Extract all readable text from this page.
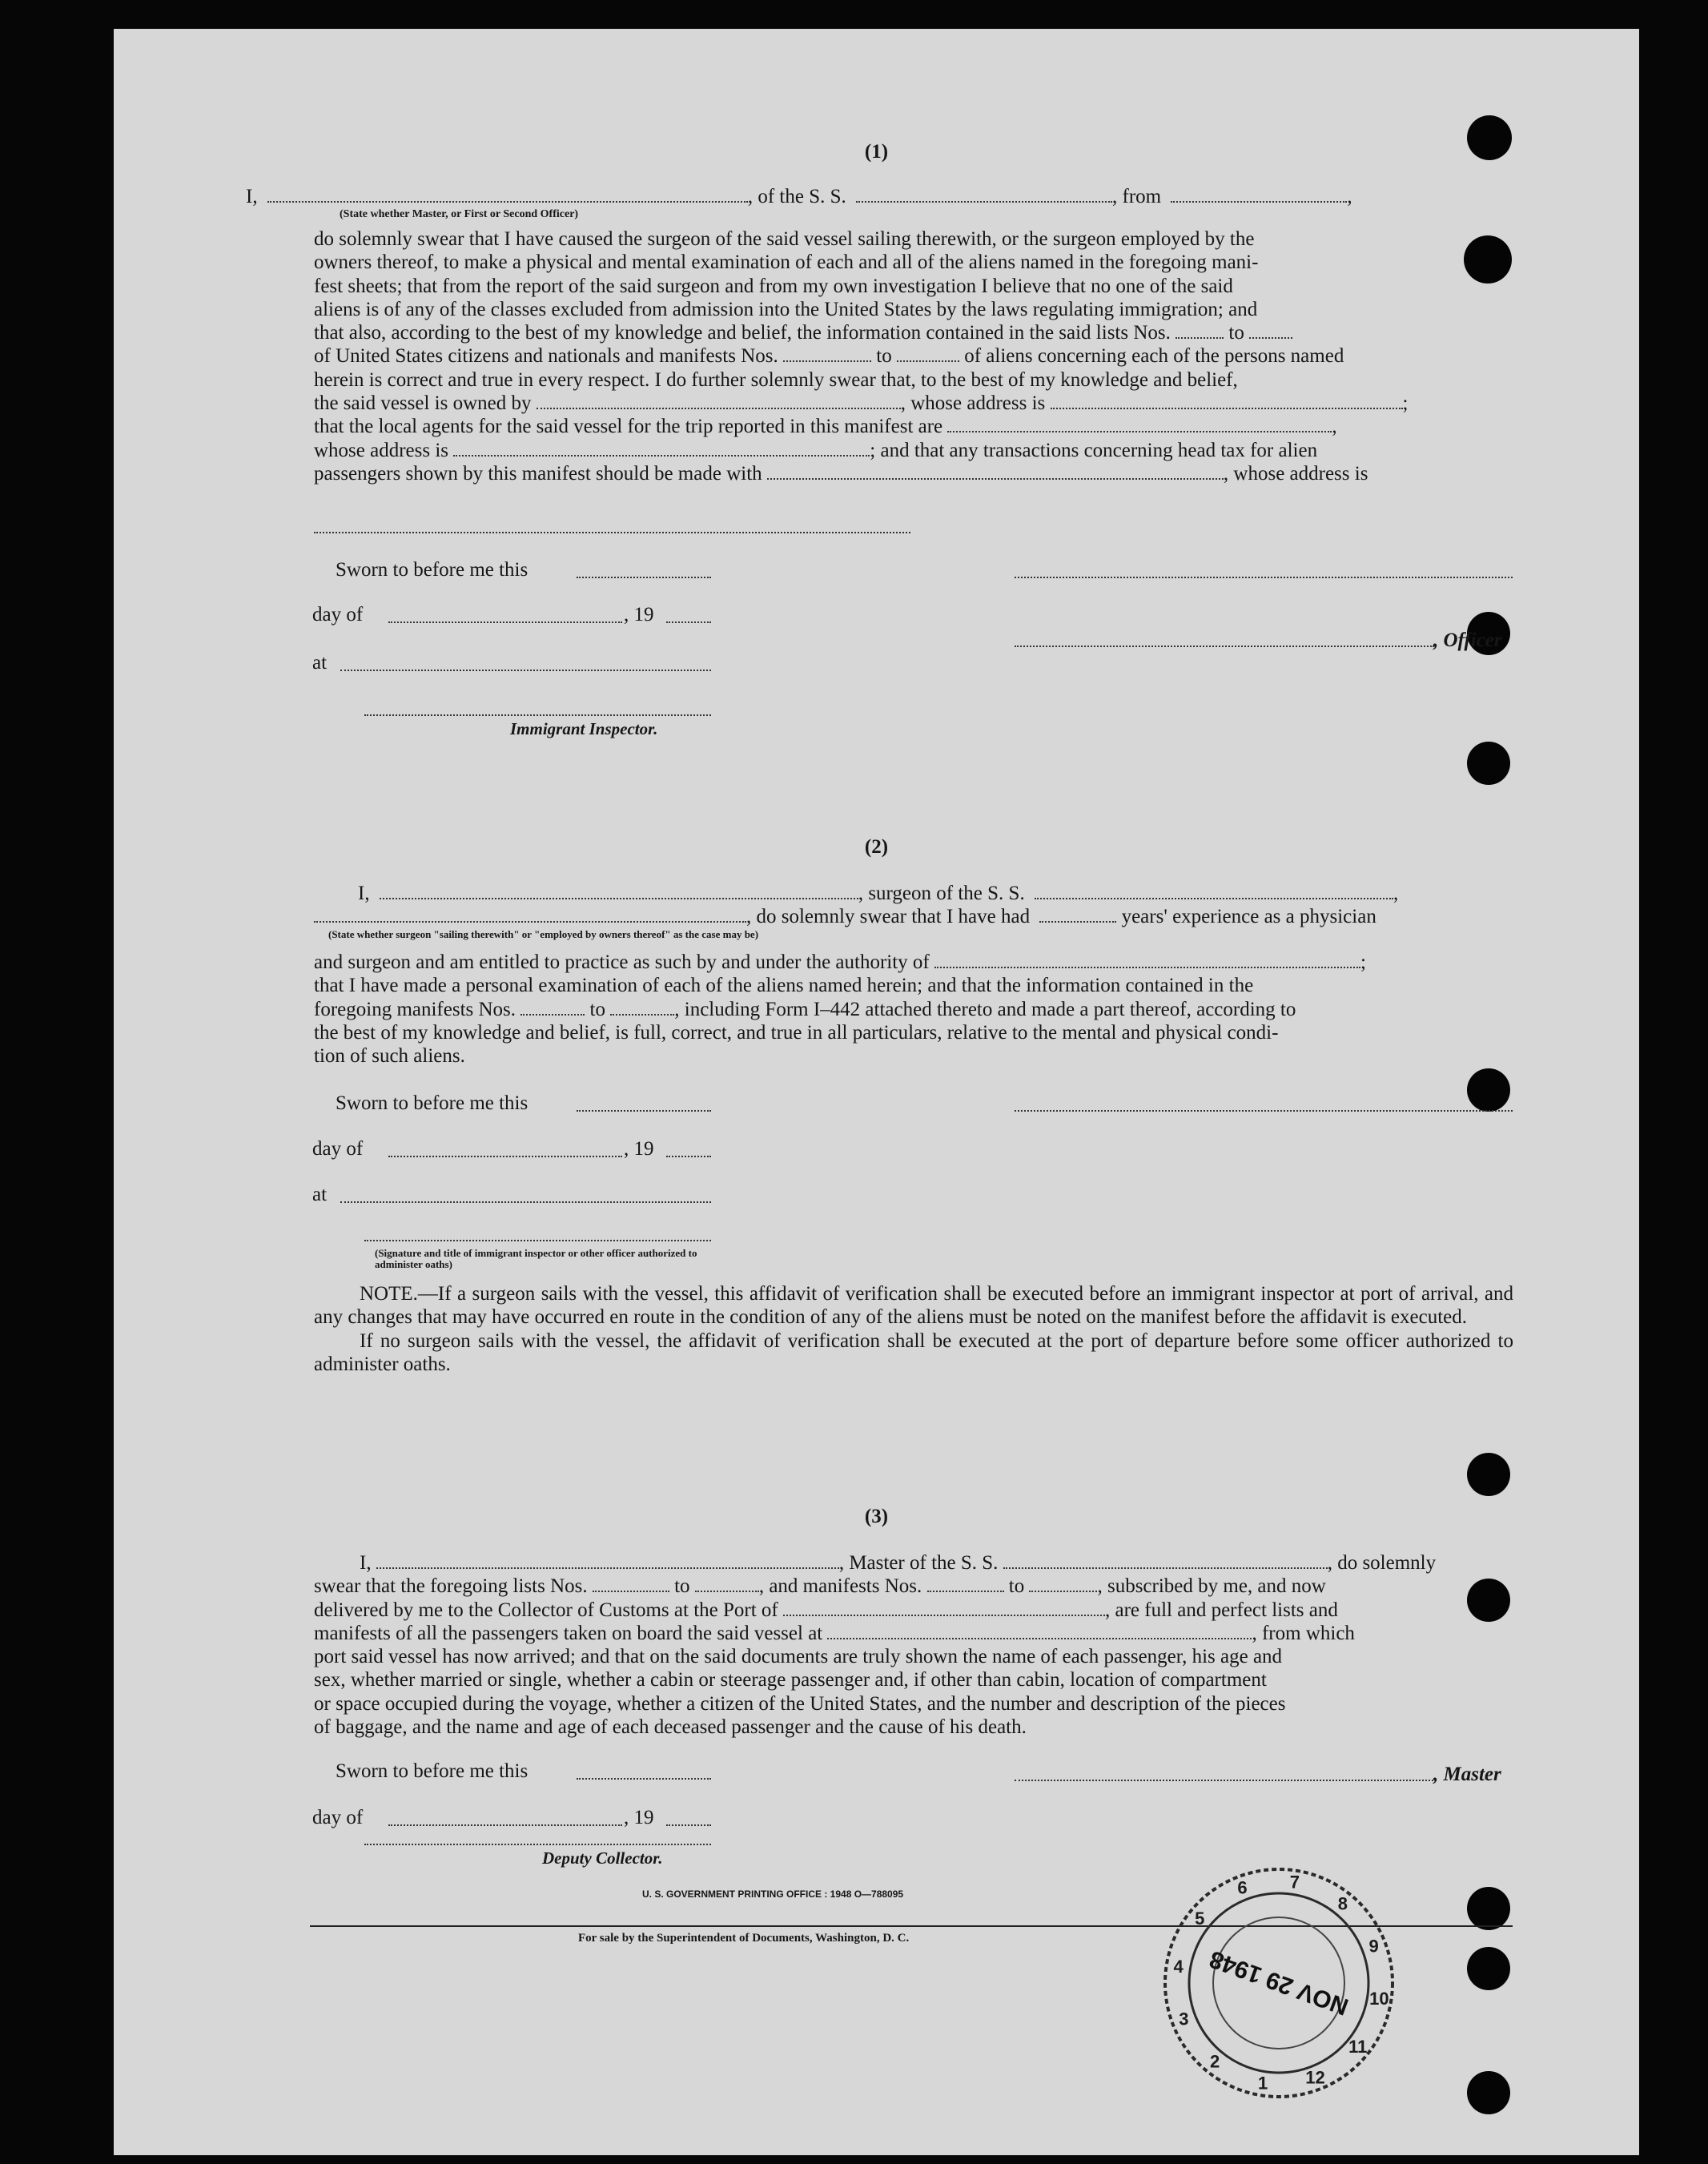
(1)
I,	, of the S. S.	, from	,
(State whether Master, or First or Second Officer)
do solemnly swear that I have caused the surgeon of the said vessel sailing therewith, or the surgeon employed by the
owners thereof, to make a physical and mental examination of each and all of the aliens named in the foregoing mani-
fest sheets; that from the report of the said surgeon and from my own investigation I believe that no one of the said
aliens is of any of the classes excluded from admission into the United States by the laws regulating immigration; and
that also, according to the best of my knowledge and belief, the information contained in the said lists Nos.	to
of United States citizens and nationals and manifests Nos.	to	of aliens concerning each of the persons named
herein is correct and true in every respect. I do further solemnly swear that, to the best of my knowledge and belief,
the said vessel is owned by	, whose address is	;
that the local agents for the said vessel for the trip reported in this manifest are	,
whose address is	; and that any transactions concerning head tax for alien
passengers shown by this manifest should be made with	, whose address is
Sworn to before me this
day of	, 19
, Officer
at
Immigrant Inspector.
(2)
I,	, surgeon of the S. S.	,
, do solemnly swear that I have had	years' experience as a physician
(State whether surgeon "sailing therewith" or "employed by owners thereof" as the case may be)
and surgeon and am entitled to practice as such by and under the authority of	;
that I have made a personal examination of each of the aliens named herein; and that the information contained in the
foregoing manifests Nos.	to	, including Form I–442 attached thereto and made a part thereof, according to
the best of my knowledge and belief, is full, correct, and true in all particulars, relative to the mental and physical condi-
tion of such aliens.
Sworn to before me this
day of	, 19
at
(Signature and title of immigrant inspector or other officer authorized to administer oaths)

NOTE.—If a surgeon sails with the vessel, this affidavit of verification shall be executed before an immigrant inspector at port of arrival, and any changes that may have occurred en route in the condition of any of the aliens must be noted on the manifest before the affidavit is executed.

If no surgeon sails with the vessel, the affidavit of verification shall be executed at the port of departure before some officer authorized to administer oaths.

(3)
I,	, Master of the S. S.	, do solemnly
swear that the foregoing lists Nos.	to	, and manifests Nos.	to	, subscribed by me, and now
delivered by me to the Collector of Customs at the Port of	, are full and perfect lists and
manifests of all the passengers taken on board the said vessel at	, from which
port said vessel has now arrived; and that on the said documents are truly shown the name of each passenger, his age and
sex, whether married or single, whether a cabin or steerage passenger and, if other than cabin, location of compartment
or space occupied during the voyage, whether a citizen of the United States, and the number and description of the pieces
of baggage, and the name and age of each deceased passenger and the cause of his death.
Sworn to before me this	, Master
day of	, 19
Deputy Collector.
U. S. GOVERNMENT PRINTING OFFICE : 1948 O—788095
For sale by the Superintendent of Documents, Washington, D. C.
1
2
3
4
5
6 7
8
9
10
11
12
NOV 29 1948
